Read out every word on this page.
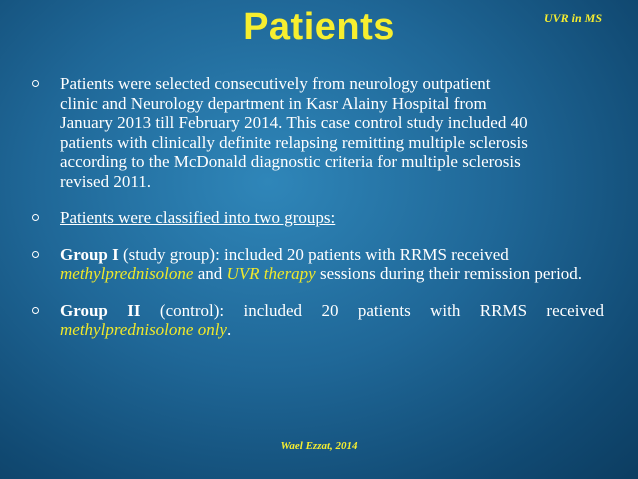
Patients	UVR in MS
Patients were selected consecutively from neurology outpatient clinic and Neurology department in Kasr Alainy Hospital from January 2013 till February 2014. This case control study included 40 patients with clinically definite relapsing remitting multiple sclerosis according to the McDonald diagnostic criteria for multiple sclerosis revised 2011.
Patients were classified into two groups:
Group I (study group): included 20 patients with RRMS received methylprednisolone and UVR therapy sessions during their remission period.
Group II (control): included 20 patients with RRMS received
methylprednisolone only.
Wael Ezzat, 2014
